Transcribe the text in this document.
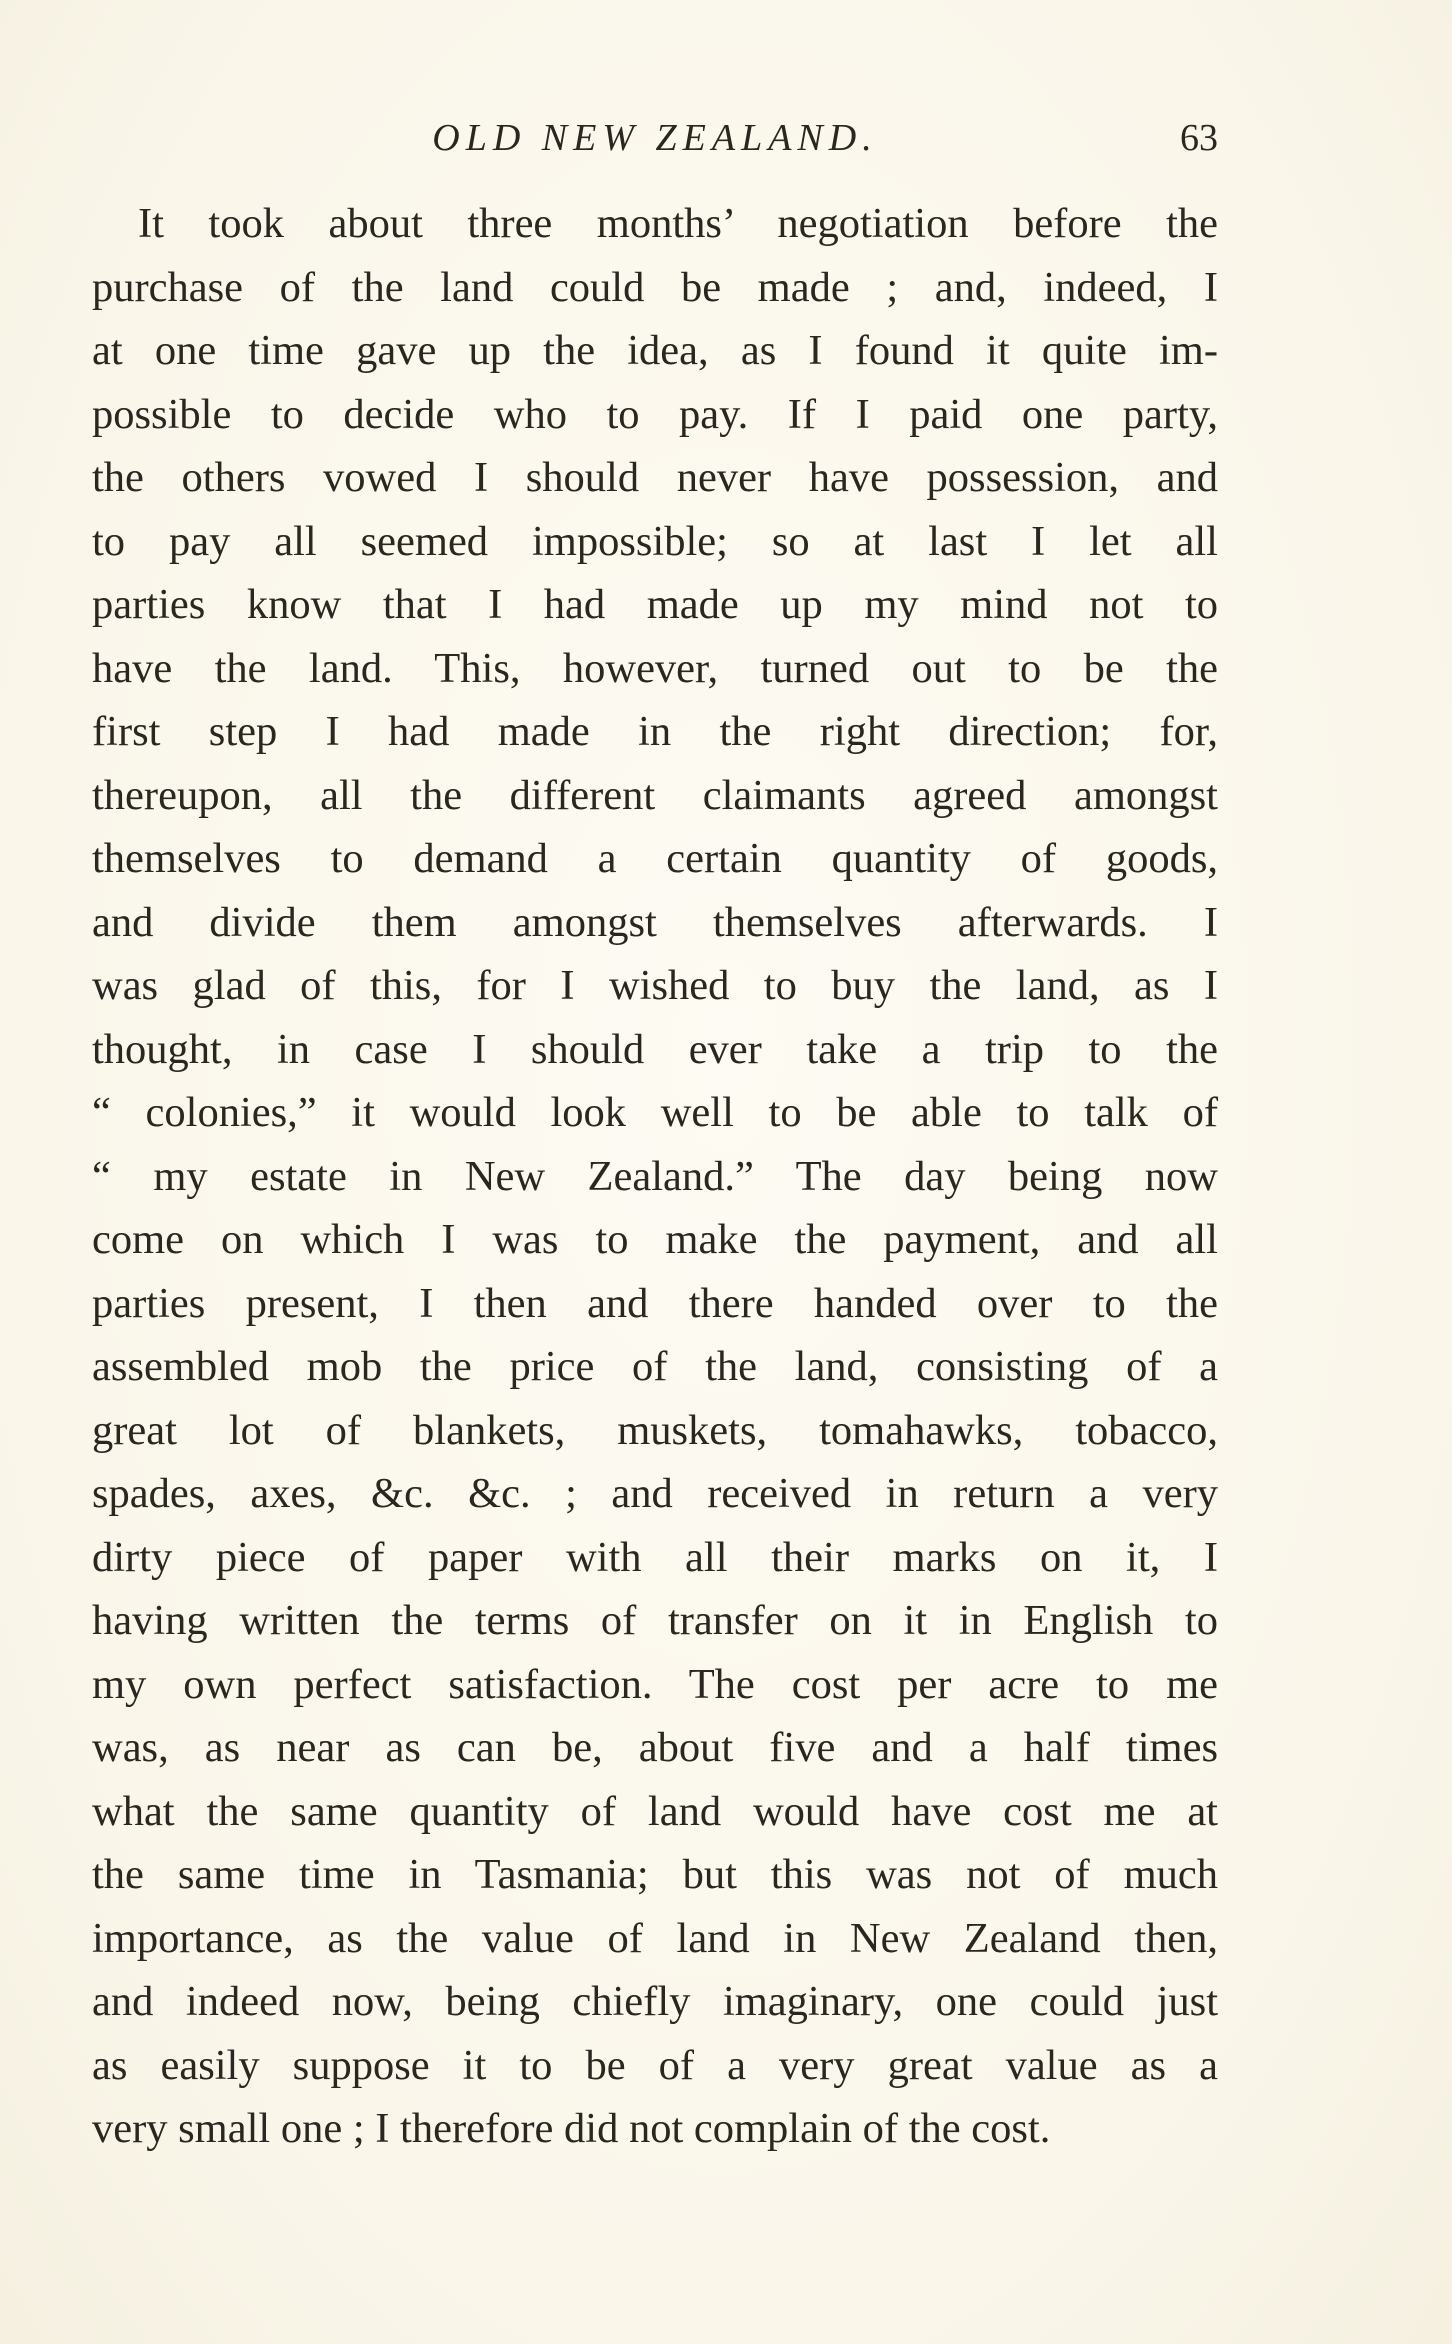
OLD NEW ZEALAND.	63
It took about three months’ negotiation before the
purchase of the land could be made ; and, indeed, I
at one time gave up the idea, as I found it quite im-
possible to decide who to pay. If I paid one party,
the others vowed I should never have possession, and
to pay all seemed impossible; so at last I let all
parties know that I had made up my mind not to
have the land. This, however, turned out to be the
first step I had made in the right direction; for,
thereupon, all the different claimants agreed amongst
themselves to demand a certain quantity of goods,
and divide them amongst themselves afterwards. I
was glad of this, for I wished to buy the land, as I
thought, in case I should ever take a trip to the
“ colonies,” it would look well to be able to talk of
“ my estate in New Zealand.” The day being now
come on which I was to make the payment, and all
parties present, I then and there handed over to the
assembled mob the price of the land, consisting of a
great lot of blankets, muskets, tomahawks, tobacco,
spades, axes, &c. &c. ; and received in return a very
dirty piece of paper with all their marks on it, I
having written the terms of transfer on it in English to
my own perfect satisfaction. The cost per acre to me
was, as near as can be, about five and a half times
what the same quantity of land would have cost me at
the same time in Tasmania; but this was not of much
importance, as the value of land in New Zealand then,
and indeed now, being chiefly imaginary, one could just
as easily suppose it to be of a very great value as a
very small one ; I therefore did not complain of the cost.
